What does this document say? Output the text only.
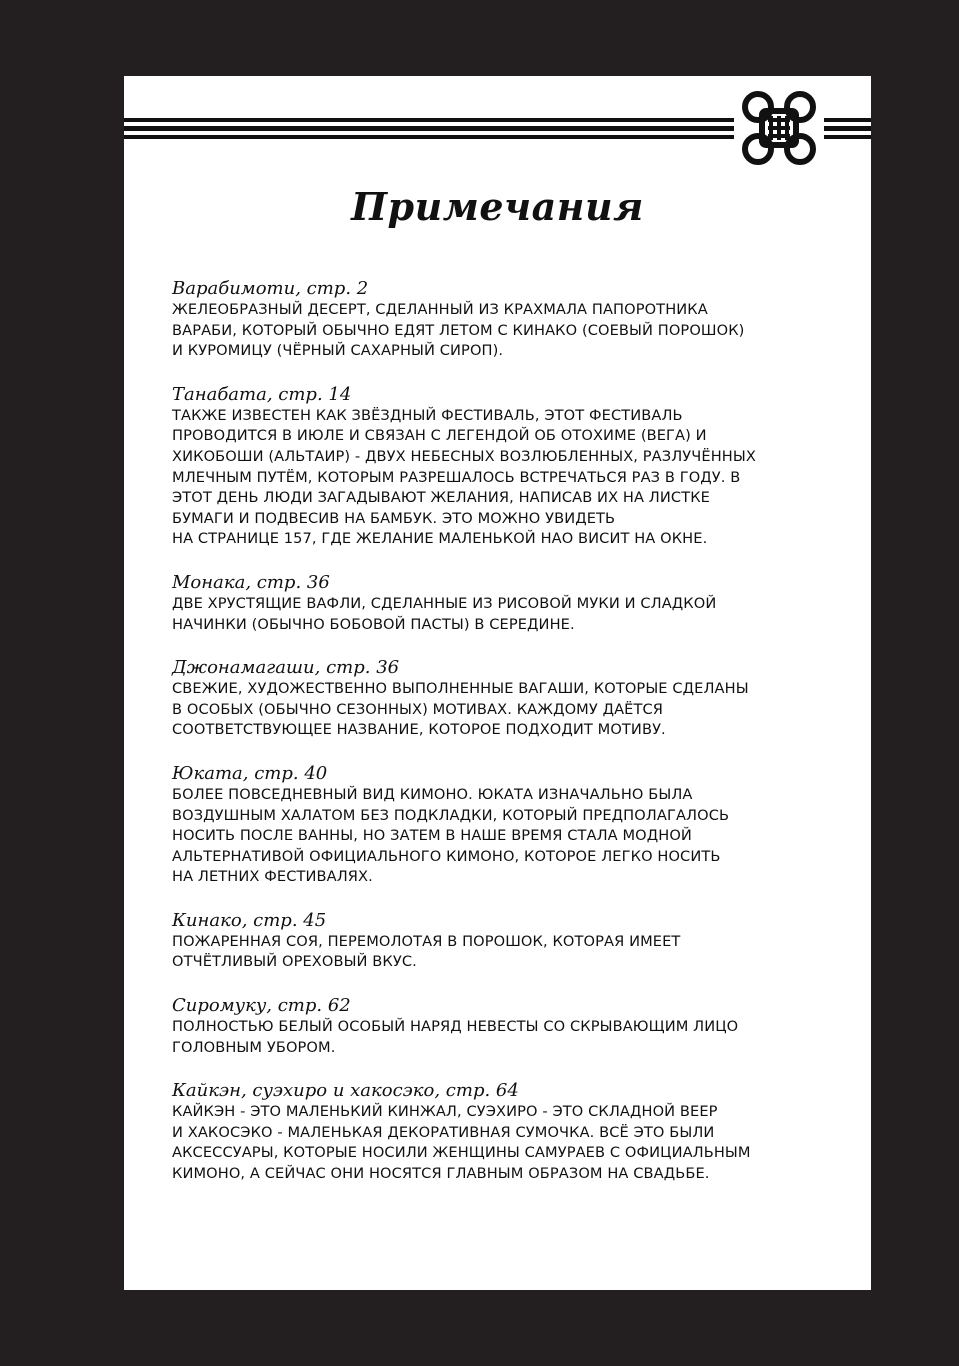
Примечания
Варабимоти, стр. 2
ЖЕЛЕОБРАЗНЫЙ ДЕСЕРТ, СДЕЛАННЫЙ ИЗ КРАХМАЛА ПАПОРОТНИКА
ВАРАБИ, КОТОРЫЙ ОБЫЧНО ЕДЯТ ЛЕТОМ С КИНАКО (СОЕВЫЙ ПОРОШОК)
И КУРОМИЦУ (ЧЁРНЫЙ САХАРНЫЙ СИРОП).
Танабата, стр. 14
ТАКЖЕ ИЗВЕСТЕН КАК ЗВЁЗДНЫЙ ФЕСТИВАЛЬ, ЭТОТ ФЕСТИВАЛЬ
ПРОВОДИТСЯ В ИЮЛЕ И СВЯЗАН С ЛЕГЕНДОЙ ОБ ОТОХИМЕ (ВЕГА) И
ХИКОБОШИ (АЛЬТАИР) - ДВУХ НЕБЕСНЫХ ВОЗЛЮБЛЕННЫХ, РАЗЛУЧЁННЫХ
МЛЕЧНЫМ ПУТЁМ, КОТОРЫМ РАЗРЕШАЛОСЬ ВСТРЕЧАТЬСЯ РАЗ В ГОДУ. В
ЭТОТ ДЕНЬ ЛЮДИ ЗАГАДЫВАЮТ ЖЕЛАНИЯ, НАПИСАВ ИХ НА ЛИСТКЕ
БУМАГИ И ПОДВЕСИВ НА БАМБУК. ЭТО МОЖНО УВИДЕТЬ
НА СТРАНИЦЕ 157, ГДЕ ЖЕЛАНИЕ МАЛЕНЬКОЙ НАО ВИСИТ НА ОКНЕ.
Монака, стр. 36
ДВЕ ХРУСТЯЩИЕ ВАФЛИ, СДЕЛАННЫЕ ИЗ РИСОВОЙ МУКИ И СЛАДКОЙ
НАЧИНКИ (ОБЫЧНО БОБОВОЙ ПАСТЫ) В СЕРЕДИНЕ.
Джонамагаши, стр. 36
СВЕЖИЕ, ХУДОЖЕСТВЕННО ВЫПОЛНЕННЫЕ ВАГАШИ, КОТОРЫЕ СДЕЛАНЫ
В ОСОБЫХ (ОБЫЧНО СЕЗОННЫХ) МОТИВАХ. КАЖДОМУ ДАЁТСЯ
СООТВЕТСТВУЮЩЕЕ НАЗВАНИЕ, КОТОРОЕ ПОДХОДИТ МОТИВУ.
Юката, стр. 40
БОЛЕЕ ПОВСЕДНЕВНЫЙ ВИД КИМОНО. ЮКАТА ИЗНАЧАЛЬНО БЫЛА
ВОЗДУШНЫМ ХАЛАТОМ БЕЗ ПОДКЛАДКИ, КОТОРЫЙ ПРЕДПОЛАГАЛОСЬ
НОСИТЬ ПОСЛЕ ВАННЫ, НО ЗАТЕМ В НАШЕ ВРЕМЯ СТАЛА МОДНОЙ
АЛЬТЕРНАТИВОЙ ОФИЦИАЛЬНОГО КИМОНО, КОТОРОЕ ЛЕГКО НОСИТЬ
НА ЛЕТНИХ ФЕСТИВАЛЯХ.
Кинако, стр. 45
ПОЖАРЕННАЯ СОЯ, ПЕРЕМОЛОТАЯ В ПОРОШОК, КОТОРАЯ ИМЕЕТ
ОТЧЁТЛИВЫЙ ОРЕХОВЫЙ ВКУС.
Сиромуку, стр. 62
ПОЛНОСТЬЮ БЕЛЫЙ ОСОБЫЙ НАРЯД НЕВЕСТЫ СО СКРЫВАЮЩИМ ЛИЦО
ГОЛОВНЫМ УБОРОМ.
Кайкэн, суэхиро и хакосэко, стр. 64
КАЙКЭН - ЭТО МАЛЕНЬКИЙ КИНЖАЛ, СУЭХИРО - ЭТО СКЛАДНОЙ ВЕЕР
И ХАКОСЭКО - МАЛЕНЬКАЯ ДЕКОРАТИВНАЯ СУМОЧКА. ВСЁ ЭТО БЫЛИ
АКСЕССУАРЫ, КОТОРЫЕ НОСИЛИ ЖЕНЩИНЫ САМУРАЕВ С ОФИЦИАЛЬНЫМ
КИМОНО, А СЕЙЧАС ОНИ НОСЯТСЯ ГЛАВНЫМ ОБРАЗОМ НА СВАДЬБЕ.
